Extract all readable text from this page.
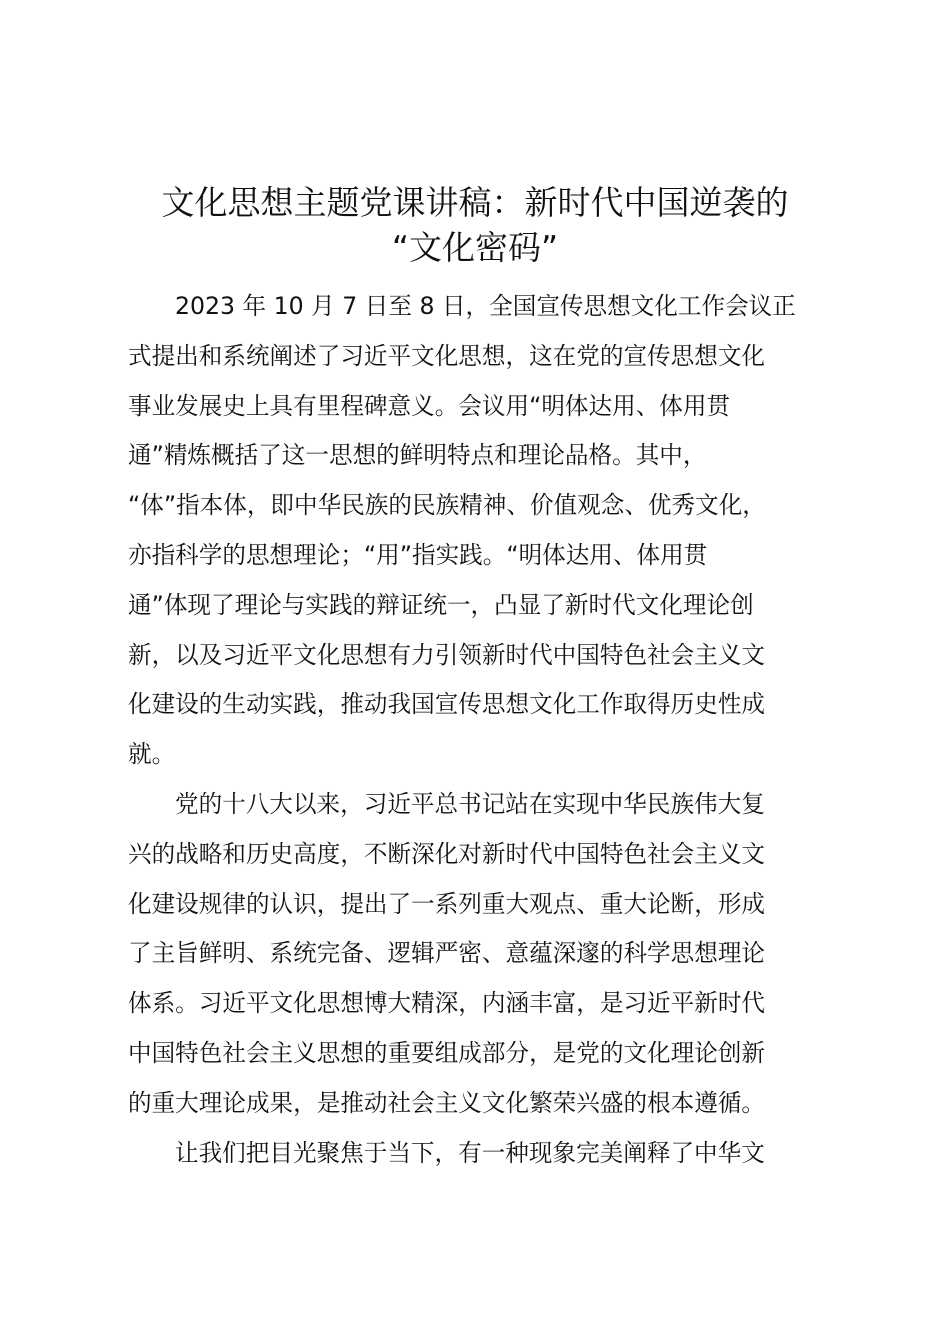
文化思想主题党课讲稿：新时代中国逆袭的
“文化密码”

2023 年 10 月 7 日至 8 日，全国宣传思想文化工作会议正
式提出和系统阐述了习近平文化思想，这在党的宣传思想文化
事业发展史上具有里程碑意义。会议用“明体达用、体用贯
通”精炼概括了这一思想的鲜明特点和理论品格。其中，
“体”指本体，即中华民族的民族精神、价值观念、优秀文化，
亦指科学的思想理论；“用”指实践。“明体达用、体用贯
通”体现了理论与实践的辩证统一，凸显了新时代文化理论创
新，以及习近平文化思想有力引领新时代中国特色社会主义文
化建设的生动实践，推动我国宣传思想文化工作取得历史性成
就。

党的十八大以来，习近平总书记站在实现中华民族伟大复
兴的战略和历史高度，不断深化对新时代中国特色社会主义文
化建设规律的认识，提出了一系列重大观点、重大论断，形成
了主旨鲜明、系统完备、逻辑严密、意蕴深邃的科学思想理论
体系。习近平文化思想博大精深，内涵丰富，是习近平新时代
中国特色社会主义思想的重要组成部分，是党的文化理论创新
的重大理论成果，是推动社会主义文化繁荣兴盛的根本遵循。

让我们把目光聚焦于当下，有一种现象完美阐释了中华文
